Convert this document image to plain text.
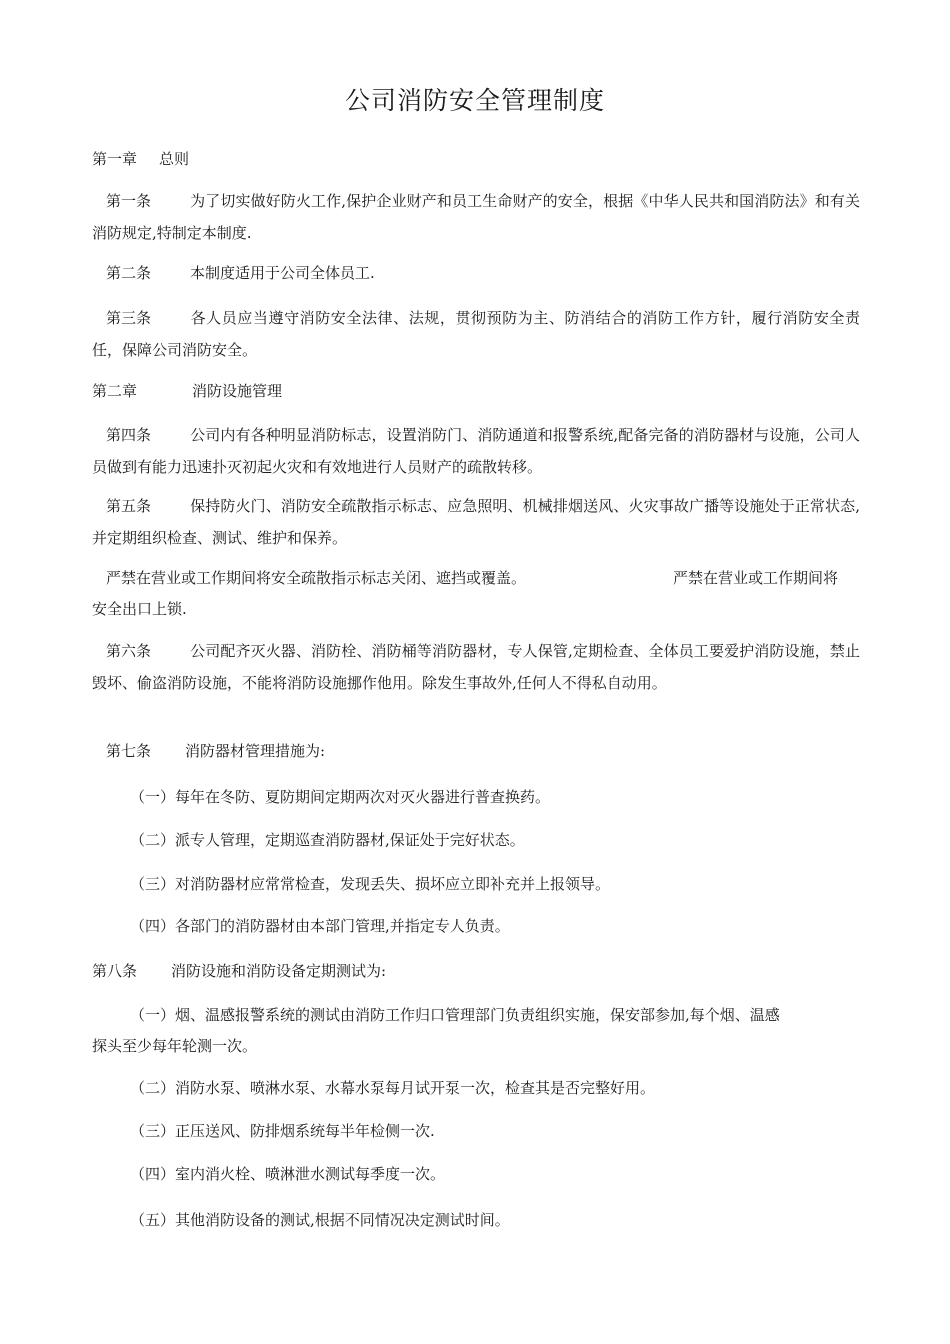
公司消防安全管理制度
第一章 总则
第一条	为了切实做好防火工作,保护企业财产和员工生命财产的安全，根据《中华人民共和国消防法》和有关消防规定,特制定本制度.
第二条	本制度适用于公司全体员工.
第三条	各人员应当遵守消防安全法律、法规，贯彻预防为主、防消结合的消防工作方针，履行消防安全责任，保障公司消防安全。
第二章	消防设施管理
第四条	公司内有各种明显消防标志，设置消防门、消防通道和报警系统,配备完备的消防器材与设施，公司人员做到有能力迅速扑灭初起火灾和有效地进行人员财产的疏散转移。
第五条	保持防火门、消防安全疏散指示标志、应急照明、机械排烟送风、火灾事故广播等设施处于正常状态,并定期组织检查、测试、维护和保养。
严禁在营业或工作期间将安全疏散指示标志关闭、遮挡或覆盖。	严禁在营业或工作期间将
安全出口上锁.
第六条	公司配齐灭火器、消防栓、消防桶等消防器材，专人保管,定期检查、全体员工要爱护消防设施，禁止毁坏、偷盗消防设施，不能将消防设施挪作他用。除发生事故外,任何人不得私自动用。
第七条 消防器材管理措施为:
（一）每年在冬防、夏防期间定期两次对灭火器进行普查换药。
（二）派专人管理，定期巡查消防器材,保证处于完好状态。
（三）对消防器材应常常检查，发现丢失、损坏应立即补充并上报领导。
（四）各部门的消防器材由本部门管理,并指定专人负责。
第八条 消防设施和消防设备定期测试为:
（一）烟、温感报警系统的测试由消防工作归口管理部门负责组织实施，保安部参加,每个烟、温感
探头至少每年轮测一次。
（二）消防水泵、喷淋水泵、水幕水泵每月试开泵一次，检查其是否完整好用。
（三）正压送风、防排烟系统每半年检侧一次.
（四）室内消火栓、喷淋泄水测试每季度一次。
（五）其他消防设备的测试,根据不同情况决定测试时间。
